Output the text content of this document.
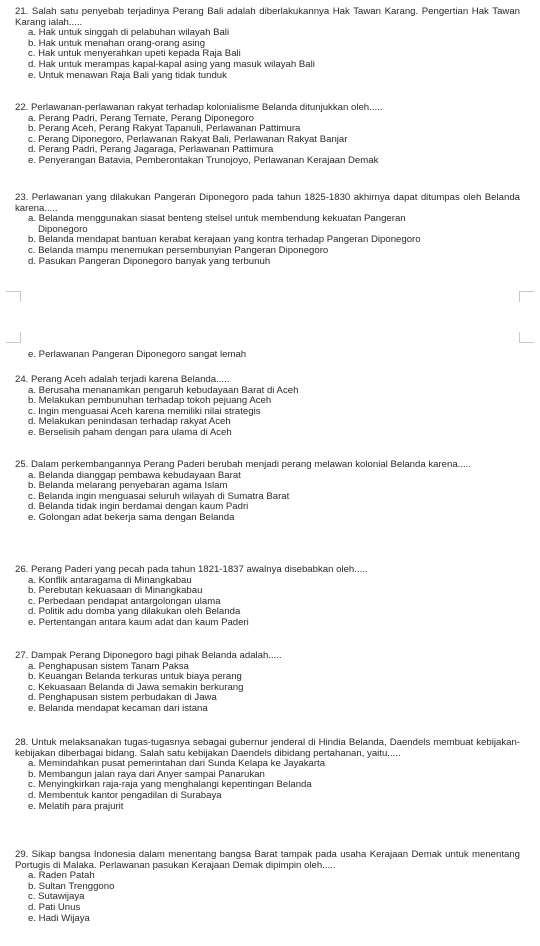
21. Salah satu penyebab terjadinya Perang Bali adalah diberlakukannya Hak Tawan Karang. Pengertian Hak Tawan Karang ialah.....
a. Hak untuk singgah di pelabuhan wilayah Bali
b. Hak untuk menahan orang-orang asing
c. Hak untuk menyerahkan upeti kepada Raja Bali
d. Hak untuk merampas kapal-kapal asing yang masuk wilayah Bali
e. Untuk menawan Raja Bali yang tidak tunduk
22. Perlawanan-perlawanan rakyat terhadap kolonialisme Belanda ditunjukkan oleh.....
a. Perang Padri, Perang Ternate, Perang Diponegoro
b. Perang Aceh, Perang Rakyat Tapanuli, Perlawanan Pattimura
c. Perang Diponegoro, Perlawanan Rakyat Bali, Perlawanan Rakyat Banjar
d. Perang Padri, Perang Jagaraga, Perlawanan Pattimura
e. Penyerangan Batavia, Pemberontakan Trunojoyo, Perlawanan Kerajaan Demak
23. Perlawanan yang dilakukan Pangeran Diponegoro pada tahun 1825-1830 akhirnya dapat ditumpas oleh Belanda karena.....
a. Belanda menggunakan siasat benteng stelsel untuk membendung kekuatan Pangeran
Diponegoro
b. Belanda mendapat bantuan kerabat kerajaan yang kontra terhadap Pangeran Diponegoro
c. Belanda mampu menemukan persembunyian Pangeran Diponegoro
d. Pasukan Pangeran Diponegoro banyak yang terbunuh
e. Perlawanan Pangeran Diponegoro sangat lemah
24. Perang Aceh adalah terjadi karena Belanda.....
a. Berusaha menanamkan pengaruh kebudayaan Barat di Aceh
b. Melakukan pembunuhan terhadap tokoh pejuang Aceh
c. Ingin menguasai Aceh karena memiliki nilai strategis
d. Melakukan penindasan terhadap rakyat Aceh
e. Berselisih paham dengan para ulama di Aceh
25. Dalam perkembangannya Perang Paderi berubah menjadi perang melawan kolonial Belanda karena.....
a. Belanda dianggap pembawa kebudayaan Barat
b. Belanda melarang penyebaran agama Islam
c. Belanda ingin menguasai seluruh wilayah di Sumatra Barat
d. Belanda tidak ingin berdamai dengan kaum Padri
e. Golongan adat bekerja sama dengan Belanda
26. Perang Paderi yang pecah pada tahun 1821-1837 awalnya disebabkan oleh.....
a. Konflik antaragama di Minangkabau
b. Perebutan kekuasaan di Minangkabau
c. Perbedaan pendapat antargolongan ulama
d. Politik adu domba yang dilakukan oleh Belanda
e. Pertentangan antara kaum adat dan kaum Paderi
27. Dampak Perang Diponegoro bagi pihak Belanda adalah.....
a. Penghapusan sistem Tanam Paksa
b. Keuangan Belanda terkuras untuk biaya perang
c. Kekuasaan Belanda di Jawa semakin berkurang
d. Penghapusan sistem perbudakan di Jawa
e. Belanda mendapat kecaman dari istana
28. Untuk melaksanakan tugas-tugasnya sebagai gubernur jenderal di Hindia Belanda, Daendels membuat kebijakan-kebijakan diberbagai bidang. Salah satu kebijakan Daendels dibidang pertahanan, yaitu.....
a. Memindahkan pusat pemerintahan dari Sunda Kelapa ke Jayakarta
b. Membangun jalan raya dari Anyer sampai Panarukan
c. Menyingkirkan raja-raja yang menghalangi kepentingan Belanda
d. Membentuk kantor pengadilan di Surabaya
e. Melatih para prajurit
29. Sikap bangsa Indonesia dalam menentang bangsa Barat tampak pada usaha Kerajaan Demak untuk menentang Portugis di Malaka. Perlawanan pasukan Kerajaan Demak dipimpin oleh.....
a. Raden Patah
b. Sultan Trenggono
c. Sutawijaya
d. Pati Unus
e. Hadi Wijaya
